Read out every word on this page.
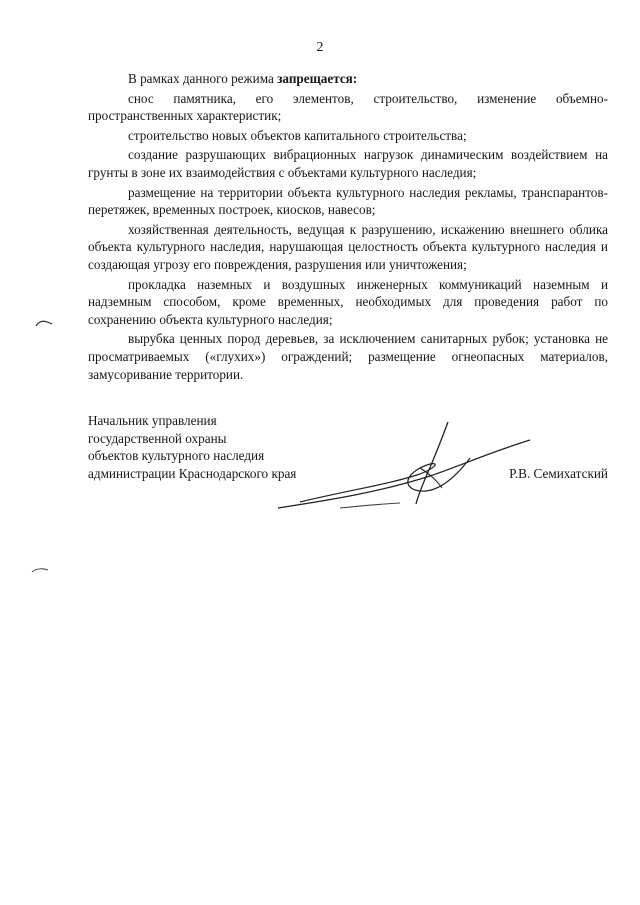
2

В рамках данного режима запрещается:

снос памятника, его элементов, строительство, изменение объемно-пространственных характеристик;

строительство новых объектов капитального строительства;

создание разрушающих вибрационных нагрузок динамическим воздействием на грунты в зоне их взаимодействия с объектами культурного наследия;

размещение на территории объекта культурного наследия рекламы, транспарантов-перетяжек, временных построек, киосков, навесов;

хозяйственная деятельность, ведущая к разрушению, искажению внешнего облика объекта культурного наследия, нарушающая целостность объекта культурного наследия и создающая угрозу его повреждения, разрушения или уничтожения;

прокладка наземных и воздушных инженерных коммуникаций наземным и надземным способом, кроме временных, необходимых для проведения работ по сохранению объекта культурного наследия;

вырубка ценных пород деревьев, за исключением санитарных рубок; установка не просматриваемых («глухих») ограждений; размещение огнеопасных материалов, замусоривание территории.

Начальник управления
государственной охраны
объектов культурного наследия
администрации Краснодарского края	Р.В. Семихатский
